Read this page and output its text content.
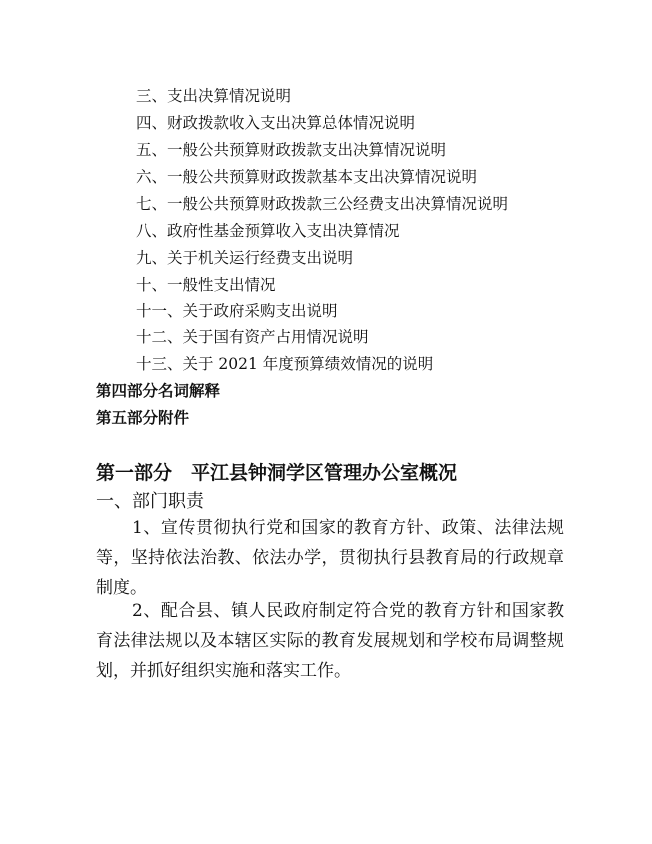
三、支出决算情况说明
四、财政拨款收入支出决算总体情况说明
五、一般公共预算财政拨款支出决算情况说明
六、一般公共预算财政拨款基本支出决算情况说明
七、一般公共预算财政拨款三公经费支出决算情况说明
八、政府性基金预算收入支出决算情况
九、关于机关运行经费支出说明
十、一般性支出情况
十一、关于政府采购支出说明
十二、关于国有资产占用情况说明
十三、关于 2021 年度预算绩效情况的说明
第四部分名词解释
第五部分附件
第一部分　平江县钟洞学区管理办公室概况
一、部门职责
1、宣传贯彻执行党和国家的教育方针、政策、法律法规等，坚持依法治教、依法办学，贯彻执行县教育局的行政规章制度。
2、配合县、镇人民政府制定符合党的教育方针和国家教育法律法规以及本辖区实际的教育发展规划和学校布局调整规划，并抓好组织实施和落实工作。
